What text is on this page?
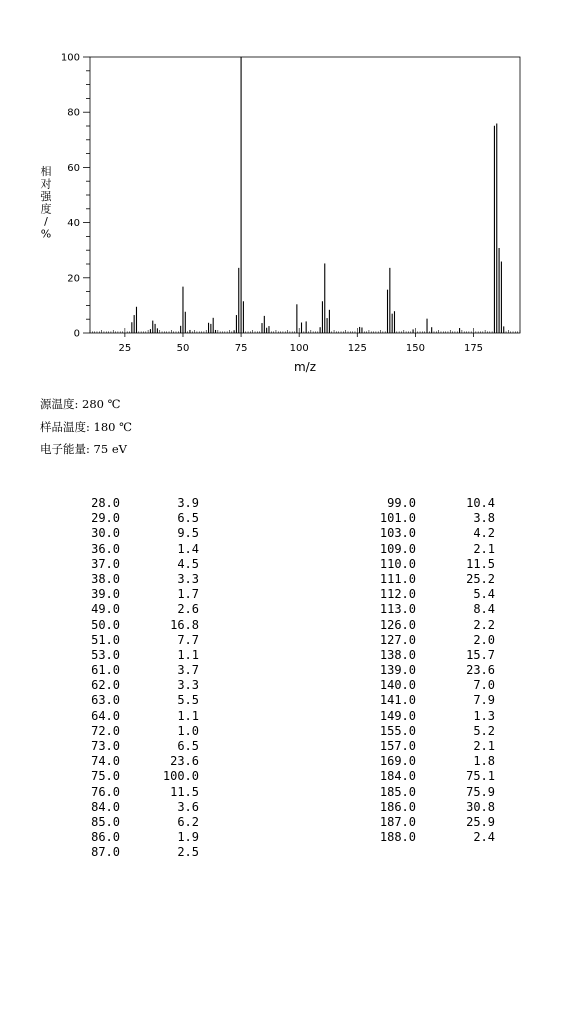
25	50	75	100	125	150	175
0
20
40
60
80
100
m/z
相对强度/ %
源温度: 280 ℃
样品温度: 180 ℃
电子能量: 75 eV
28.0	3.9
29.0	6.5
30.0	9.5
36.0	1.4
37.0	4.5
38.0	3.3
39.0	1.7
49.0	2.6
50.0	16.8
51.0	7.7
53.0	1.1
61.0	3.7
62.0	3.3
63.0	5.5
64.0	1.1
72.0	1.0
73.0	6.5
74.0	23.6
75.0	100.0
76.0	11.5
84.0	3.6
85.0	6.2
86.0	1.9
87.0	2.5
99.0	10.4
101.0	3.8
103.0	4.2
109.0	2.1
110.0	11.5
111.0	25.2
112.0	5.4
113.0	8.4
126.0	2.2
127.0	2.0
138.0	15.7
139.0	23.6
140.0	7.0
141.0	7.9
149.0	1.3
155.0	5.2
157.0	2.1
169.0	1.8
184.0	75.1
185.0	75.9
186.0	30.8
187.0	25.9
188.0	2.4
